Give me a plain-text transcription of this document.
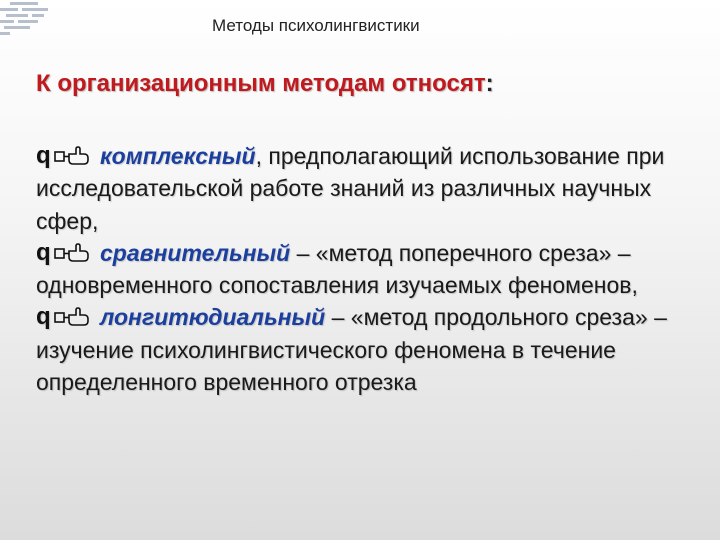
Методы психолингвистики
К организационным методам относят:

q комплексный, предполагающий использование при исследовательской работе знаний из различных научных сфер,

q сравнительный – «метод поперечного среза» – одновременного сопоставления изучаемых феноменов,

q лонгитюдиальный – «метод продольного среза» – изучение психолингвистического феномена в течение определенного временного отрезка
